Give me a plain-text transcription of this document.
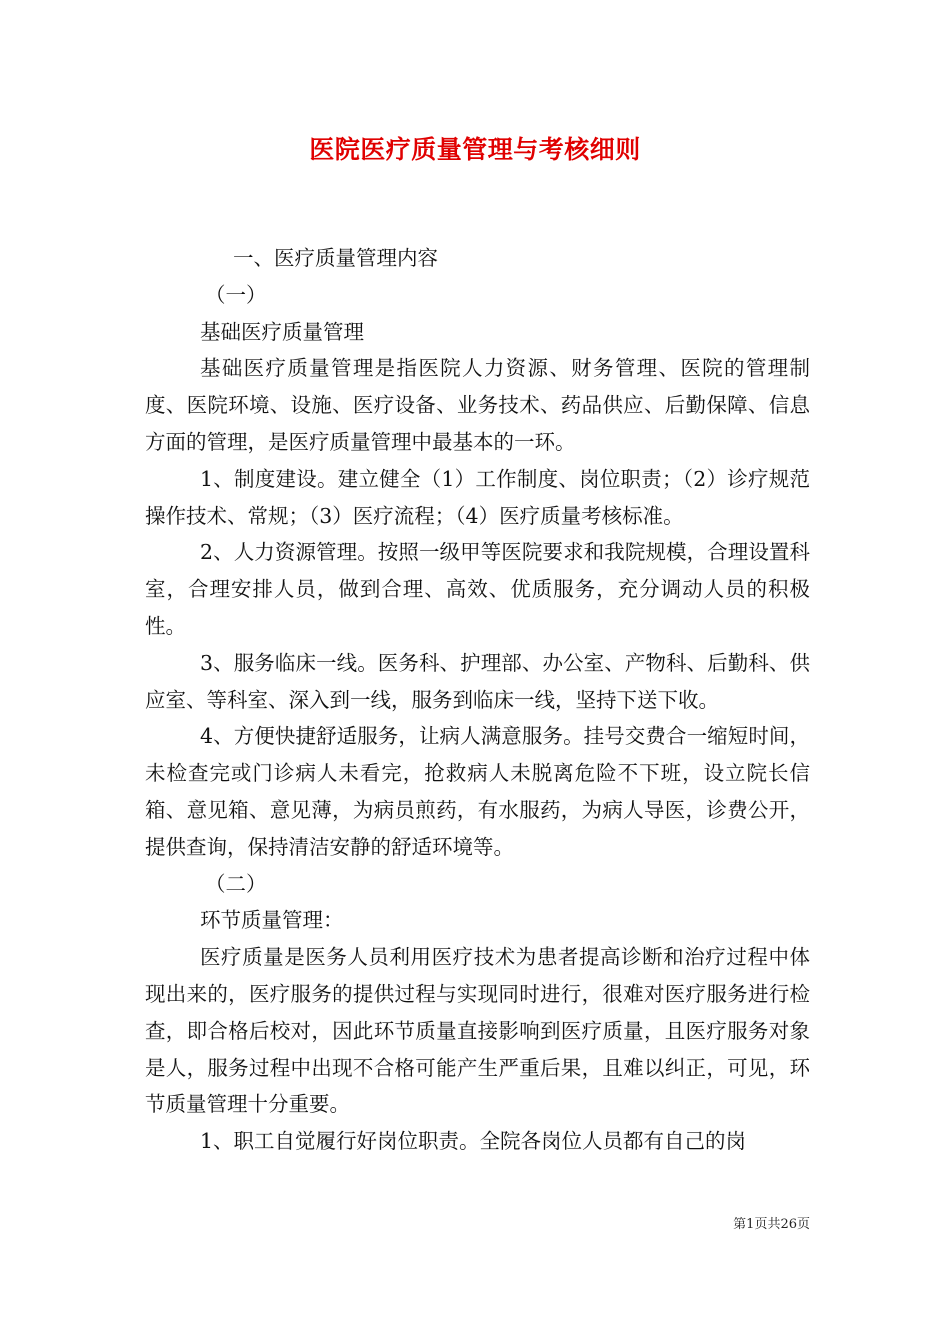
医院医疗质量管理与考核细则

一、医疗质量管理内容

（一）

基础医疗质量管理

基础医疗质量管理是指医院人力资源、财务管理、医院的管理制度、医院环境、设施、医疗设备、业务技术、药品供应、后勤保障、信息方面的管理，是医疗质量管理中最基本的一环。

1、制度建设。建立健全（1）工作制度、岗位职责；（2）诊疗规范操作技术、常规；（3）医疗流程；（4）医疗质量考核标准。

2、人力资源管理。按照一级甲等医院要求和我院规模，合理设置科室，合理安排人员，做到合理、高效、优质服务，充分调动人员的积极性。

3、服务临床一线。医务科、护理部、办公室、产物科、后勤科、供应室、等科室、深入到一线，服务到临床一线，坚持下送下收。

4、方便快捷舒适服务，让病人满意服务。挂号交费合一缩短时间，未检查完或门诊病人未看完，抢救病人未脱离危险不下班，设立院长信箱、意见箱、意见薄，为病员煎药，有水服药，为病人导医，诊费公开，提供查询，保持清洁安静的舒适环境等。

（二）

环节质量管理：

医疗质量是医务人员利用医疗技术为患者提高诊断和治疗过程中体现出来的，医疗服务的提供过程与实现同时进行，很难对医疗服务进行检查，即合格后校对，因此环节质量直接影响到医疗质量，且医疗服务对象是人，服务过程中出现不合格可能产生严重后果，且难以纠正，可见，环节质量管理十分重要。

1、职工自觉履行好岗位职责。全院各岗位人员都有自己的岗

第1页共26页
